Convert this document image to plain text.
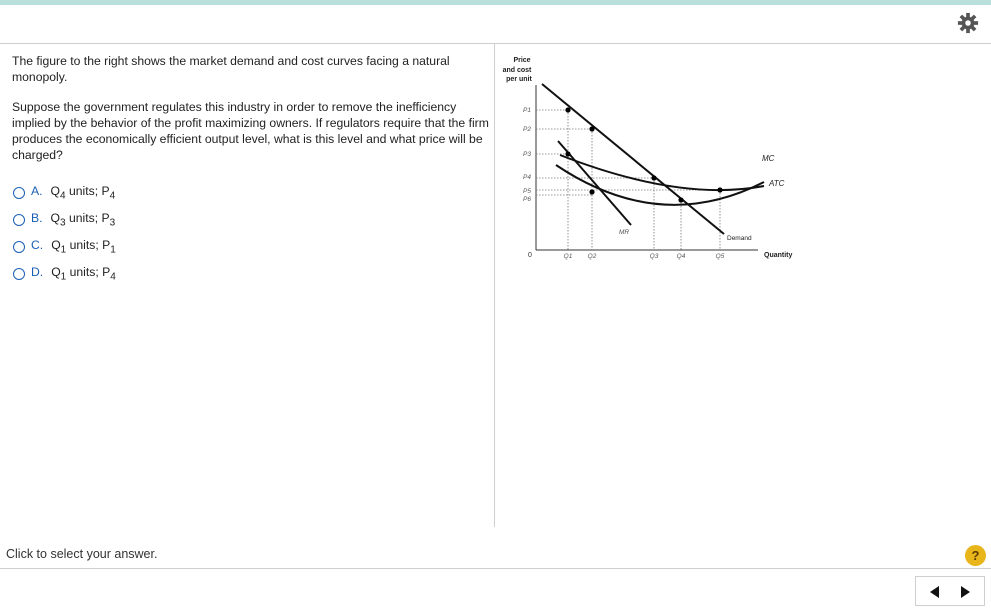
The figure to the right shows the market demand and cost curves facing a natural monopoly.

Suppose the government regulates this industry in order to remove the inefficiency implied by the behavior of the profit maximizing owners. If regulators require that the firm produces the economically efficient output level, what is this level and what price will be charged?

A. $Q_4$ units; $P_4$
B. $Q_3$ units; $P_3$
C. $Q_1$ units; $P_1$
D. $Q_1$ units; $P_4$
Price
and cost
per unit
P1
P2
P3
P4
P5
P6
Q1 Q2	Q3	Q4	Q5
0	Quantity
MC
ATC
MR
Demand
Click to select your answer.	?
